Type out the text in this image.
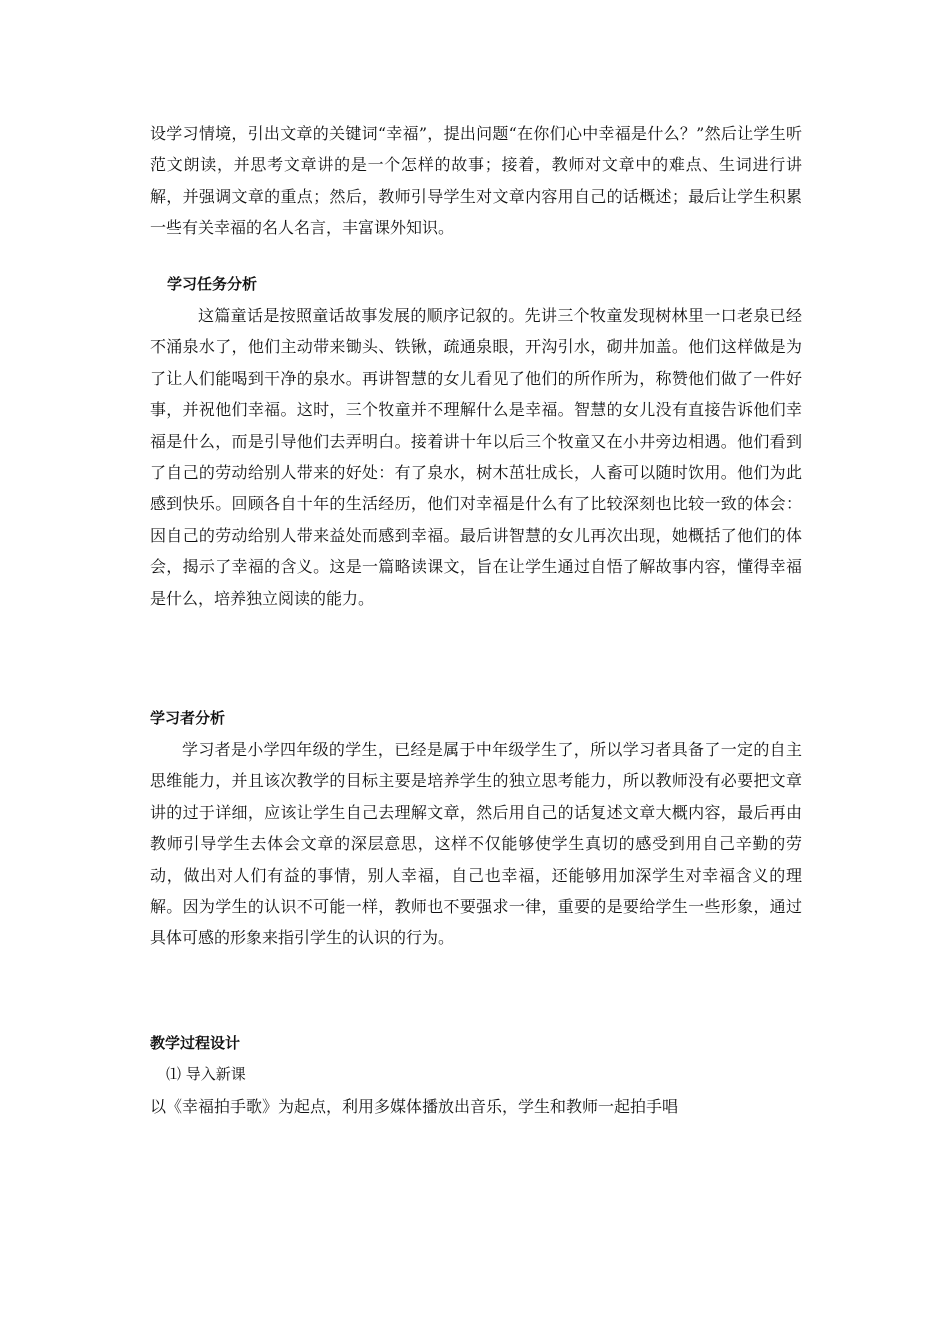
设学习情境，引出文章的关键词“幸福”，提出问题“在你们心中幸福是什么？”然后让学生听范文朗读，并思考文章讲的是一个怎样的故事；接着，教师对文章中的难点、生词进行讲解，并强调文章的重点；然后，教师引导学生对文章内容用自己的话概述；最后让学生积累一些有关幸福的名人名言，丰富课外知识。

学习任务分析

这篇童话是按照童话故事发展的顺序记叙的。先讲三个牧童发现树林里一口老泉已经不涌泉水了，他们主动带来锄头、铁锹，疏通泉眼，开沟引水，砌井加盖。他们这样做是为了让人们能喝到干净的泉水。再讲智慧的女儿看见了他们的所作所为，称赞他们做了一件好事，并祝他们幸福。这时，三个牧童并不理解什么是幸福。智慧的女儿没有直接告诉他们幸福是什么，而是引导他们去弄明白。接着讲十年以后三个牧童又在小井旁边相遇。他们看到了自己的劳动给别人带来的好处：有了泉水，树木茁壮成长，人畜可以随时饮用。他们为此感到快乐。回顾各自十年的生活经历，他们对幸福是什么有了比较深刻也比较一致的体会：因自己的劳动给别人带来益处而感到幸福。最后讲智慧的女儿再次出现，她概括了他们的体会，揭示了幸福的含义。这是一篇略读课文，旨在让学生通过自悟了解故事内容，懂得幸福是什么，培养独立阅读的能力。

学习者分析

学习者是小学四年级的学生，已经是属于中年级学生了，所以学习者具备了一定的自主思维能力，并且该次教学的目标主要是培养学生的独立思考能力，所以教师没有必要把文章讲的过于详细，应该让学生自己去理解文章，然后用自己的话复述文章大概内容，最后再由教师引导学生去体会文章的深层意思，这样不仅能够使学生真切的感受到用自己辛勤的劳动，做出对人们有益的事情，别人幸福，自己也幸福，还能够用加深学生对幸福含义的理解。因为学生的认识不可能一样，教师也不要强求一律，重要的是要给学生一些形象，通过具体可感的形象来指引学生的认识的行为。

教学过程设计

⑴ 导入新课

以《幸福拍手歌》为起点，利用多媒体播放出音乐，学生和教师一起拍手唱
